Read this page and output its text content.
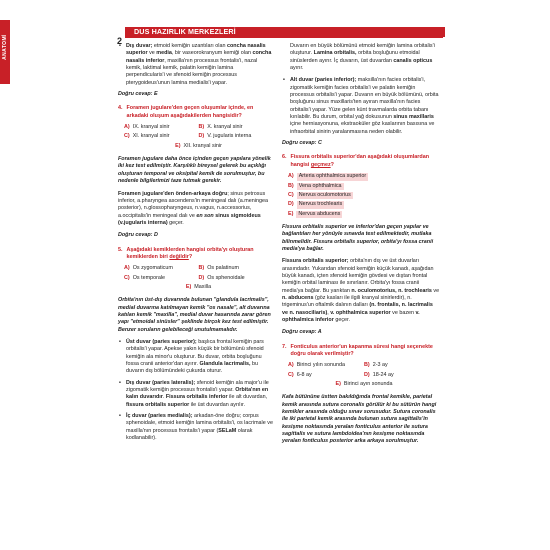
ANATOMİ	2
DUS HAZIRLIK MERKEZLERİ
• Dış duvar; etmoid kemiğin uzantıları olan concha nasalis superior ve media, bir vaseorokranyum kemiği olan concha nasalis inferior, maxilla'nın processus frontalis'i, nazal kemik, laktimal kemik, palatin kemiğin lamina perpendicularis'i ve sfenoid kemiğin processus pterygoideus'unun lamina medialis'i yapar.
Doğru cevap: E
4. Foramen jugulare'den geçen oluşumlar içinde, en arkadaki oluşum aşağıdakilerden hangisidir?
A) IX. kranyal sinir	B) X. kranyal sinir
C) XI. kranyal sinir	D) V. jugularis interna
E) XII. kranyal sinir

Foramen jugulare daha önce içinden geçen yapılara yönelik iki kez test edilmiştir. Karşılıklı bireysel gelerek bu açıklığı oluşturan temporal ve oksipital kemik de sorulmuştur, bu nedenle bilgilerimizi taze tutmak gerekir.

Foramen jugulare'den önden-arkaya doğru; sinus petrosus inferior, a.pharyngea ascendens'in meningeal dalı (a.meningea posterior), n.glossopharyngeus, n.vagus, n.accessorius, a.occipitalis'in meningeal dalı ve en son sinus sigmoideus (v.jugularis interna) geçer.

Doğru cevap: D
5. Aşağıdaki kemiklerden hangisi orbita'yı oluşturan kemiklerden biri değildir?
A) Os zygomaticum	B) Os palatinum
C) Os temporale	D) Os sphenoidale
E) Maxilla

Orbita'nın üst-dış duvarında bulunan "glandula lacrimalis", medial duvarına katılmayan kemik "os nasale", alt duvarına katılan kemik "maxilla", medial duvar hasarında zarar gören yapı "etmoidal sinüsler" şeklinde birçok kez test edilmiştir. Benzer soruların gelebileceği unutulmamalıdır.

• Üst duvar (paries superior); başlıca frontal kemiğin pars orbitalis'i yapar. Apekse yakın küçük bir bölümünü sfenoid kemiğin ala minor'u oluşturur. Bu duvar, orbita boşluğunu fossa cranii anterior'dan ayırır. Glandula lacrimalis, bu duvarın dış bölümündeki çukurda oturur.
• Dış duvar (paries lateralis); sfenoid kemiğin ala major'u ile zigomatik kemiğin processus frontalis'i yapar. Orbita'nın en kalın duvarıdır. Fissura orbitalis inferior ile alt duvardan, fissura orbitalis superior ile üst duvardan ayrılır.
• İç duvar (paries medialis); arkadan-öne doğru; corpus sphenoidale, etmoid kemiğin lamina orbitalis'i, os lacrimale ve maxilla'nın processus frontalis'i yapar (SELaM olarak kodlanabilir).

Duvarın en büyük bölümünü etmoid kemiğin lamina orbitalis'i oluşturur. Lamina orbitalis, orbita boşluğunu etmoidal sinüslerden ayırır. İç duvarın, üst duvardan canalis opticus ayırır.

• Alt duvar (paries inferior); maksilla'nın facies orbitalis'i, zigomatik kemiğin facies orbitalis'i ve palatin kemiğin processus orbitalis'i yapar. Duvarın en büyük bölümünü, orbita boşluğunu sinus maxillaris'ten ayıran maxilla'nın facies orbitalis'i yapar. Yüze gelen künt travmalarda orbita tabanı kırılabilir. Bu durum, orbital yağ dokusunun sinus maxillaris içine herniasyonuna, ekstraoküler göz kaslarının basısına ve infraorbital sinirin yaralanmasına neden olabilir.
Doğru cevap: C
6. Fissura orbitalis superior'dan aşağıdaki oluşumlardan hangisi geçmez?
A) Arteria ophthalmica superior
B) Vena ophthalmica
C) Nervus oculomotorius
D) Nervus trochlearis
E) Nervus abducens

Fissura orbitalis superior ve inferior'dan geçen yapılar ve bağlantıları her yönüyle sınavda test edilmektedir, mutlaka bilinmelidir. Fissura orbitalis superior, orbita'yı fossa cranii media'ya bağlar.

Fissura orbitalis superior; orbita'nın dış ve üst duvarları arasındadır. Yukarıdan sfenoid kemiğin küçük kanadı, aşağıdan büyük kanadı, içten sfenoid kemiğin gövdesi ve dıştan frontal kemiğin orbital laminası ile sınırlanır. Orbita'yı fossa cranii media'ya bağlar. Bu yarıktan n. oculomotorius, n. trochlearis ve n. abducens (göz kasları ile ilgili kranyal sinirlerdir), n. trigeminus'un oftalmik dalının dalları (n. frontalis, n. lacrimalis ve n. nasociliaris), v. ophthalmica superior ve bazen v. ophthalmica inferior geçer.

Doğru cevap: A
7. Fonticulus anterior'un kapanma süresi hangi seçenekte doğru olarak verilmiştir?
A) Birinci yılın sonunda	B) 2-3 ay
C) 6-8 ay	D) 18-24 ay
E) Birinci ayın sonunda

Kafa bütününe üstten bakıldığında frontal kemikle, parietal kemik arasında sutura coronalis görülür ki bu sütürün hangi kemikler arasında olduğu sınav sorusudur. Sutura coronalis ile iki parietal kemik arasında bulunan sutura sagittalis'in kesişme noktasında yeralan fonticulus anterior ile sutura sagittalis ve sutura lambdoidea'nın kesişme noktasında yeralan fonticulus posterior arka arkaya sorulmuştur.
